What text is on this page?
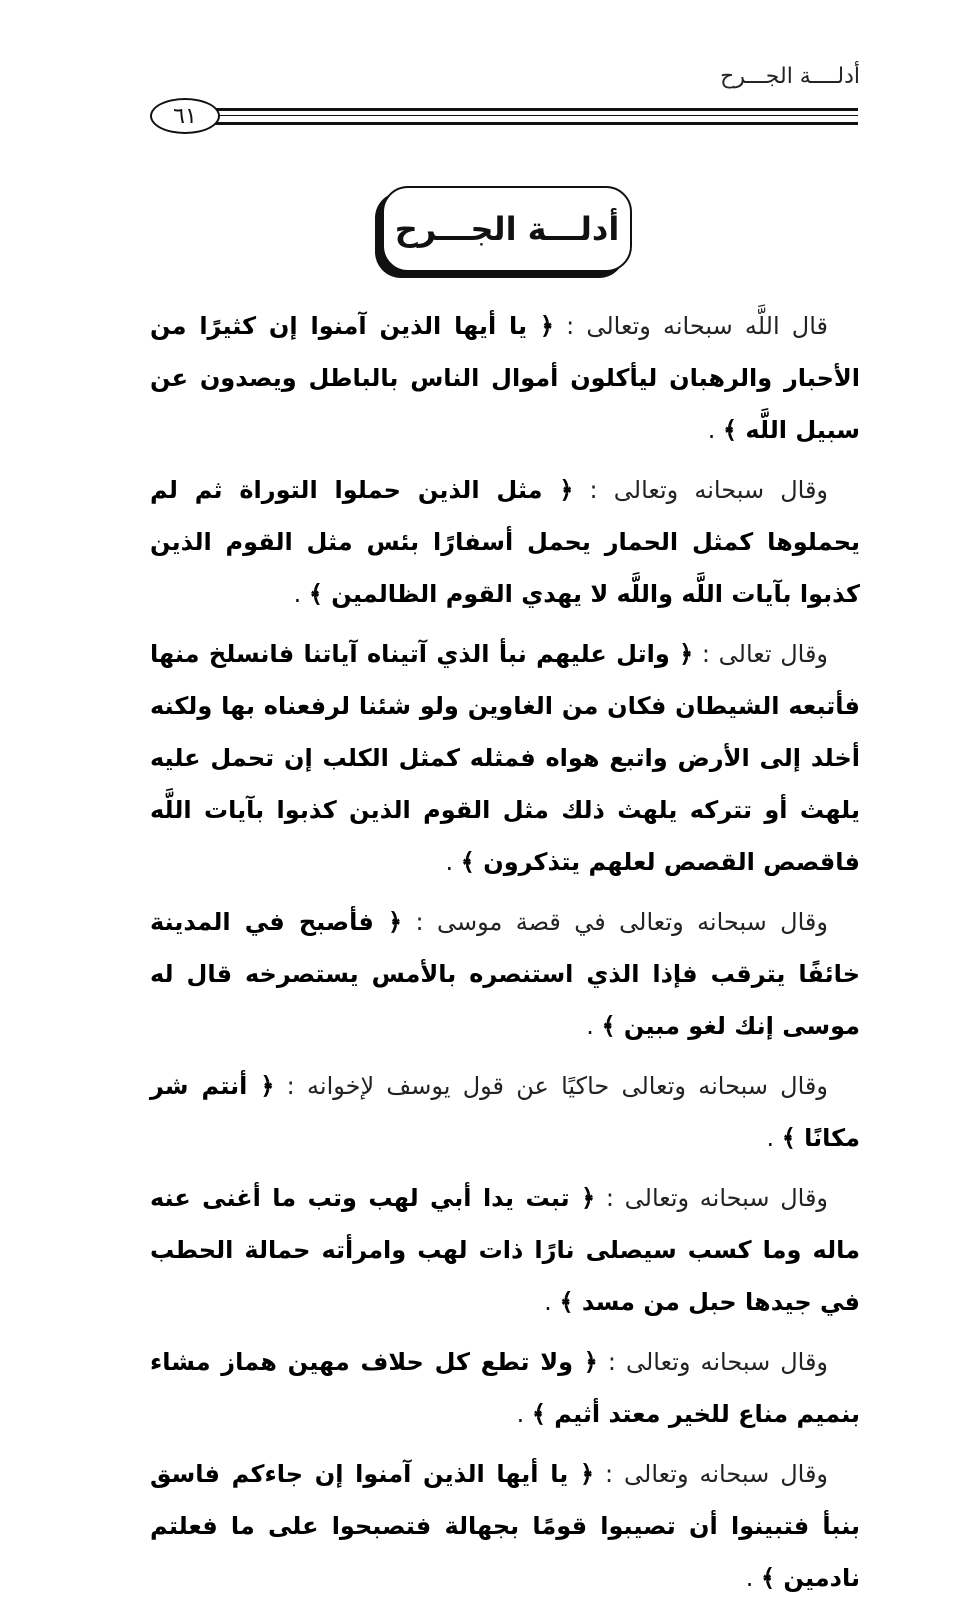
أدلــــة الجـــرح
٦١
أدلـــة الجـــرح

قال اللَّه سبحانه وتعالى : ﴿ يا أيها الذين آمنوا إن كثيرًا من الأحبار والرهبان ليأكلون أموال الناس بالباطل ويصدون عن سبيل اللَّه ﴾ .

وقال سبحانه وتعالى : ﴿ مثل الذين حملوا التوراة ثم لم يحملوها كمثل الحمار يحمل أسفارًا بئس مثل القوم الذين كذبوا بآيات اللَّه واللَّه لا يهدي القوم الظالمين ﴾ .

وقال تعالى : ﴿ واتل عليهم نبأ الذي آتيناه آياتنا فانسلخ منها فأتبعه الشيطان فكان من الغاوين ولو شئنا لرفعناه بها ولكنه أخلد إلى الأرض واتبع هواه فمثله كمثل الكلب إن تحمل عليه يلهث أو تتركه يلهث ذلك مثل القوم الذين كذبوا بآيات اللَّه فاقصص القصص لعلهم يتذكرون ﴾ .

وقال سبحانه وتعالى في قصة موسى : ﴿ فأصبح في المدينة خائفًا يترقب فإذا الذي استنصره بالأمس يستصرخه قال له موسى إنك لغو مبين ﴾ .

وقال سبحانه وتعالى حاكيًا عن قول يوسف لإخوانه : ﴿ أنتم شر مكانًا ﴾ .

وقال سبحانه وتعالى : ﴿ تبت يدا أبي لهب وتب ما أغنى عنه ماله وما كسب سيصلى نارًا ذات لهب وامرأته حمالة الحطب في جيدها حبل من مسد ﴾ .

وقال سبحانه وتعالى : ﴿ ولا تطع كل حلاف مهين هماز مشاء بنميم مناع للخير معتد أثيم ﴾ .

وقال سبحانه وتعالى : ﴿ يا أيها الذين آمنوا إن جاءكم فاسق بنبأ فتبينوا أن تصيبوا قومًا بجهالة فتصبحوا على ما فعلتم نادمين ﴾ .
